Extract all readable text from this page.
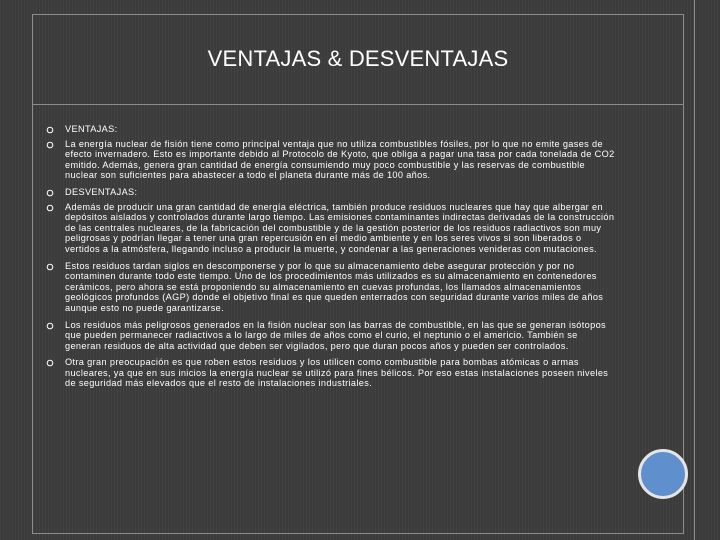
VENTAJAS & DESVENTAJAS
VENTAJAS:
La energía nuclear de fisión tiene como principal ventaja que no utiliza combustibles fósiles, por lo que no emite gases de efecto invernadero. Esto es importante debido al Protocolo de Kyoto, que obliga a pagar una tasa por cada tonelada de CO2 emitido. Además, genera gran cantidad de energía consumiendo muy poco combustible y las reservas de combustible nuclear son suficientes para abastecer a todo el planeta durante más de 100 años.
DESVENTAJAS:
Además de producir una gran cantidad de energía eléctrica, también produce residuos nucleares que hay que albergar en depósitos aislados y controlados durante largo tiempo. Las emisiones contaminantes indirectas derivadas de la construcción de las centrales nucleares, de la fabricación del combustible y de la gestión posterior de los residuos radiactivos son muy peligrosas y podrían llegar a tener una gran repercusión en el medio ambiente y en los seres vivos si son liberados o vertidos a la atmósfera, llegando incluso a producir la muerte, y condenar a las generaciones venideras con mutaciones.
Estos residuos tardan siglos en descomponerse y por lo que su almacenamiento debe asegurar protección y por no contaminen durante todo este tiempo. Uno de los procedimientos más utilizados es su almacenamiento en contenedores cerámicos, pero ahora se está proponiendo su almacenamiento en cuevas profundas, los llamados almacenamientos geológicos profundos (AGP) donde el objetivo final es que queden enterrados con seguridad durante varios miles de años aunque esto no puede garantizarse.
Los residuos más peligrosos generados en la fisión nuclear son las barras de combustible, en las que se generan isótopos que pueden permanecer radiactivos a lo largo de miles de años como el curio, el neptunio o el americio. También se generan residuos de alta actividad que deben ser vigilados, pero que duran pocos años y pueden ser controlados.
Otra gran preocupación es que roben estos residuos y los utilicen como combustible para bombas atómicas o armas nucleares, ya que en sus inicios la energía nuclear se utilizó para fines bélicos. Por eso estas instalaciones poseen niveles de seguridad más elevados que el resto de instalaciones industriales.
